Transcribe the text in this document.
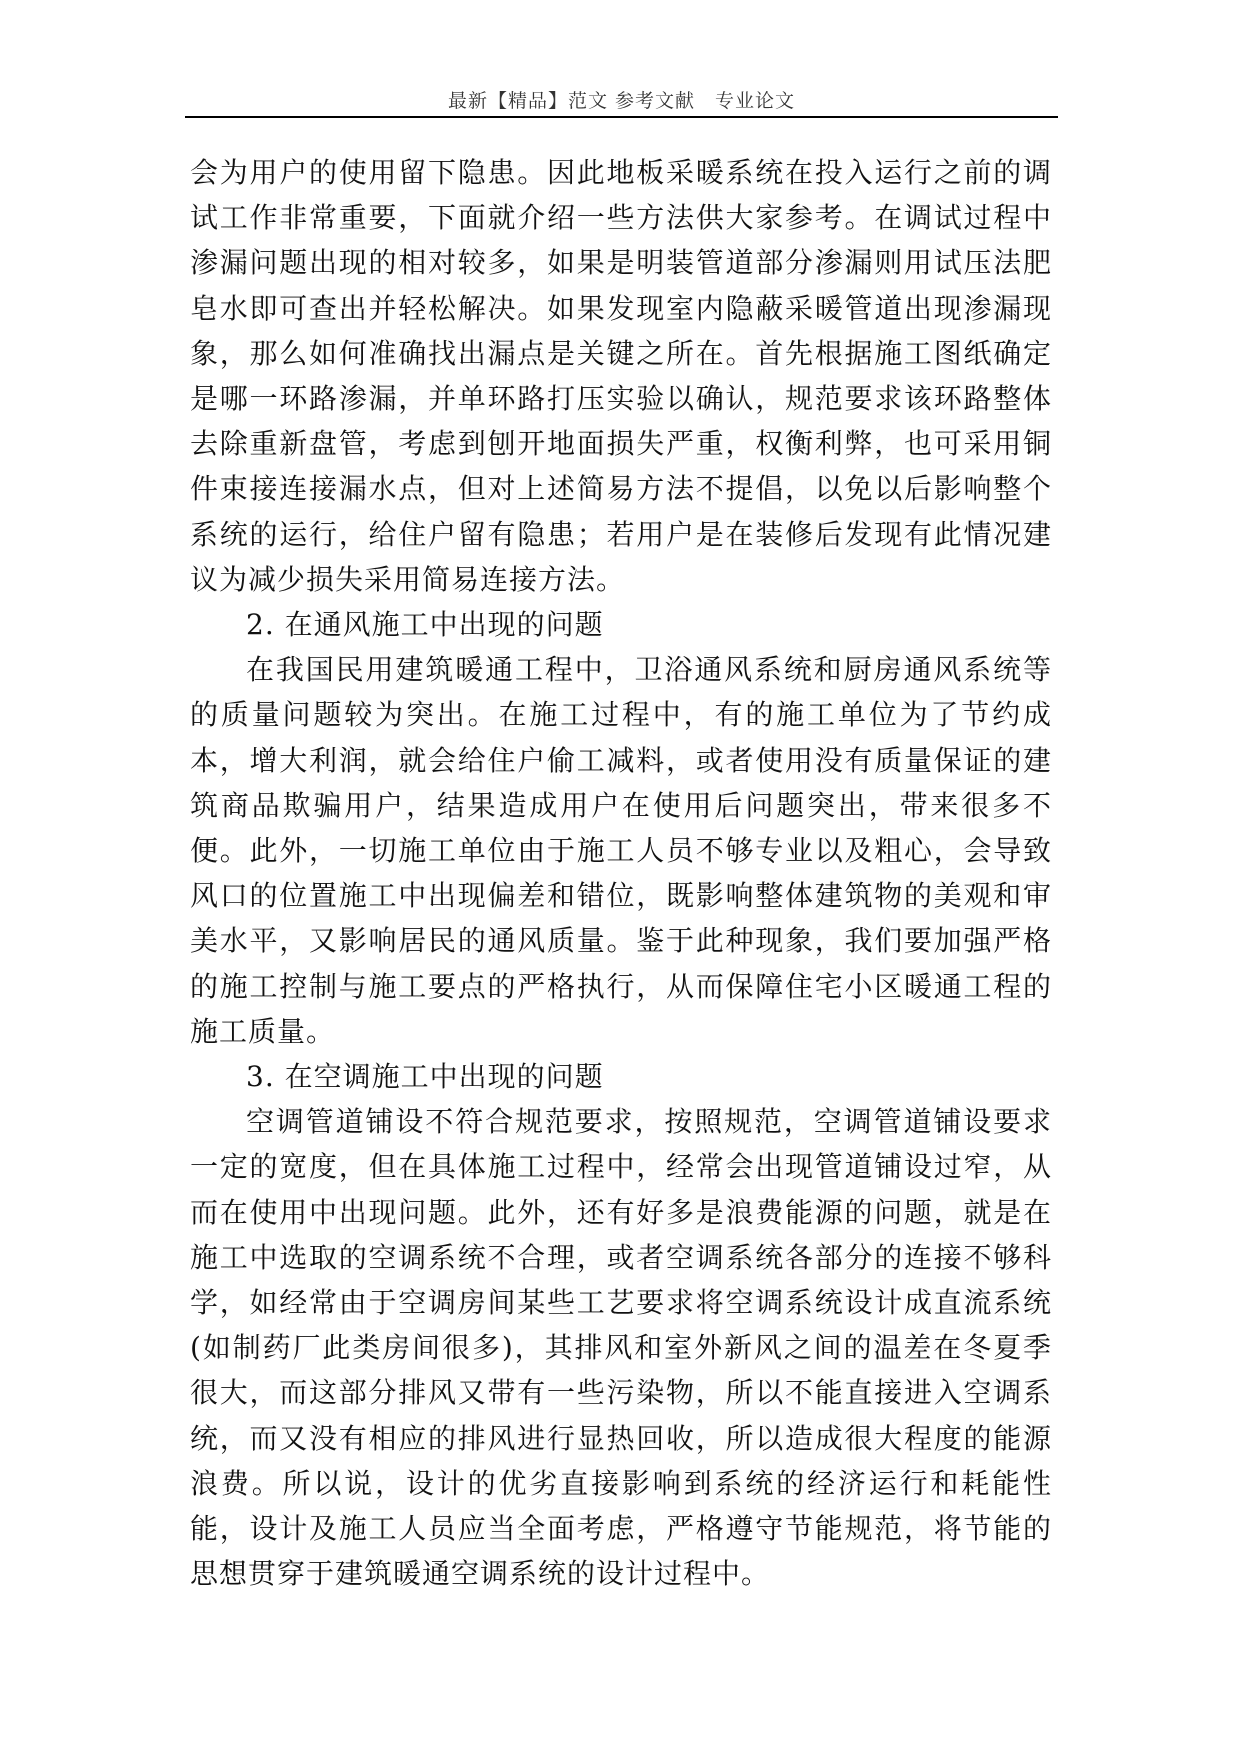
最新【精品】范文 参考文献　专业论文

会为用户的使用留下隐患。因此地板采暖系统在投入运行之前的调试工作非常重要，下面就介绍一些方法供大家参考。在调试过程中渗漏问题出现的相对较多，如果是明装管道部分渗漏则用试压法肥皂水即可查出并轻松解决。如果发现室内隐蔽采暖管道出现渗漏现象，那么如何准确找出漏点是关键之所在。首先根据施工图纸确定是哪一环路渗漏，并单环路打压实验以确认，规范要求该环路整体去除重新盘管，考虑到刨开地面损失严重，权衡利弊，也可采用铜件束接连接漏水点，但对上述简易方法不提倡，以免以后影响整个系统的运行，给住户留有隐患；若用户是在装修后发现有此情况建议为减少损失采用简易连接方法。

2. 在通风施工中出现的问题

在我国民用建筑暖通工程中，卫浴通风系统和厨房通风系统等的质量问题较为突出。在施工过程中，有的施工单位为了节约成本，增大利润，就会给住户偷工减料，或者使用没有质量保证的建筑商品欺骗用户，结果造成用户在使用后问题突出，带来很多不便。此外，一切施工单位由于施工人员不够专业以及粗心，会导致风口的位置施工中出现偏差和错位，既影响整体建筑物的美观和审美水平，又影响居民的通风质量。鉴于此种现象，我们要加强严格的施工控制与施工要点的严格执行，从而保障住宅小区暖通工程的施工质量。

3. 在空调施工中出现的问题

空调管道铺设不符合规范要求，按照规范，空调管道铺设要求一定的宽度，但在具体施工过程中，经常会出现管道铺设过窄，从而在使用中出现问题。此外，还有好多是浪费能源的问题，就是在施工中选取的空调系统不合理，或者空调系统各部分的连接不够科学，如经常由于空调房间某些工艺要求将空调系统设计成直流系统(如制药厂此类房间很多)，其排风和室外新风之间的温差在冬夏季很大，而这部分排风又带有一些污染物，所以不能直接进入空调系统，而又没有相应的排风进行显热回收，所以造成很大程度的能源浪费。所以说，设计的优劣直接影响到系统的经济运行和耗能性能，设计及施工人员应当全面考虑，严格遵守节能规范，将节能的思想贯穿于建筑暖通空调系统的设计过程中。
